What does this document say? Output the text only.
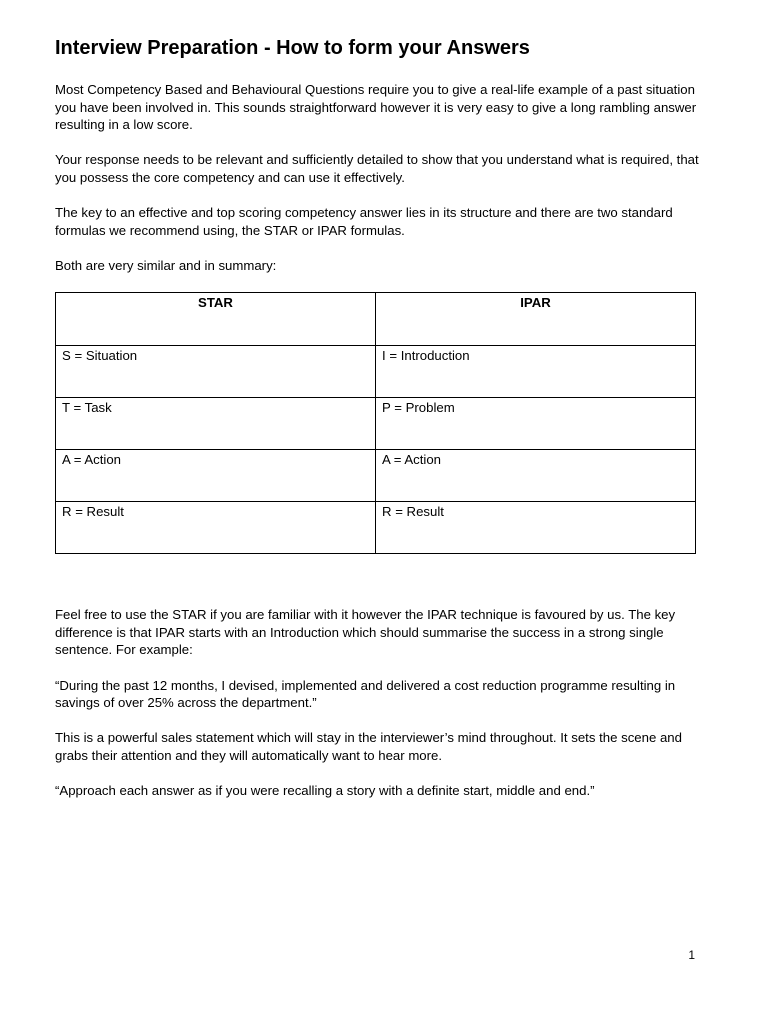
Interview Preparation - How to form your Answers

Most Competency Based and Behavioural Questions require you to give a real-life example of a past situation you have been involved in. This sounds straightforward however it is very easy to give a long rambling answer resulting in a low score.

Your response needs to be relevant and sufficiently detailed to show that you understand what is required, that you possess the core competency and can use it effectively.

The key to an effective and top scoring competency answer lies in its structure and there are two standard formulas we recommend using, the STAR or IPAR formulas.

Both are very similar and in summary:

STAR	IPAR
S = Situation	I = Introduction
T = Task	P = Problem
A = Action	A = Action
R = Result	R = Result

Feel free to use the STAR if you are familiar with it however the IPAR technique is favoured by us. The key difference is that IPAR starts with an Introduction which should summarise the success in a strong single sentence. For example:

“During the past 12 months, I devised, implemented and delivered a cost reduction programme resulting in savings of over 25% across the department.”

This is a powerful sales statement which will stay in the interviewer’s mind throughout. It sets the scene and grabs their attention and they will automatically want to hear more.

“Approach each answer as if you were recalling a story with a definite start, middle and end.”

1
